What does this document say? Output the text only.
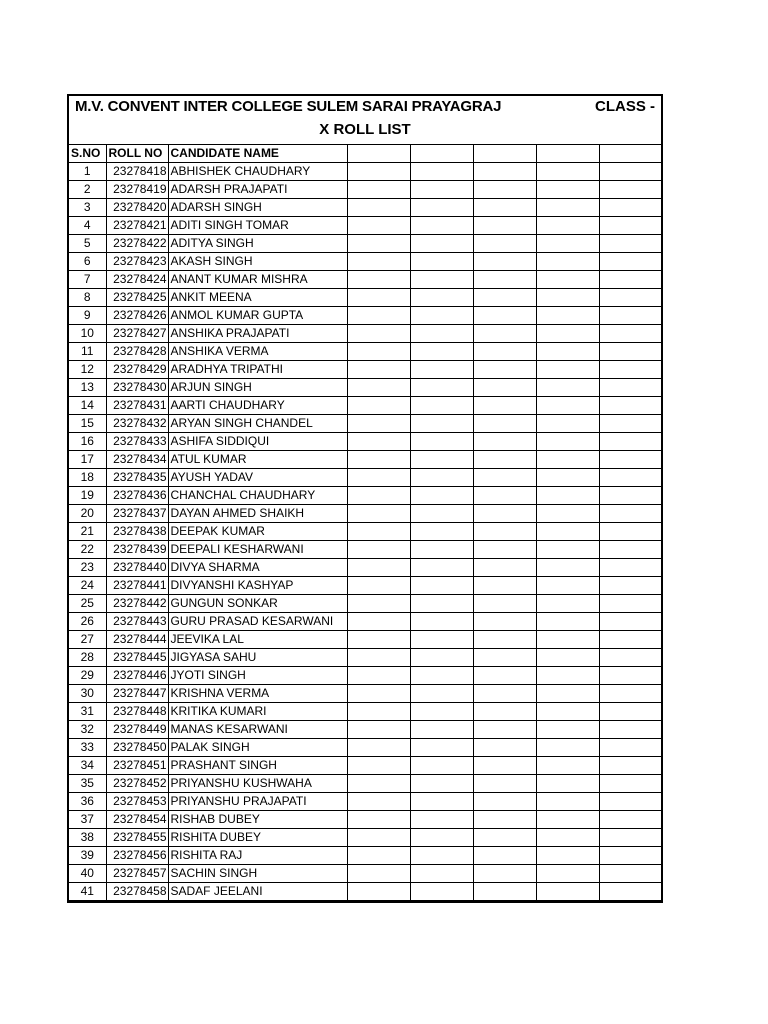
M.V. CONVENT INTER COLLEGE SULEM SARAI PRAYAGRAJ	CLASS -
X ROLL LIST
S.NO	ROLL NO	CANDIDATE NAME					
1	23278418	ABHISHEK CHAUDHARY					
2	23278419	ADARSH PRAJAPATI					
3	23278420	ADARSH SINGH					
4	23278421	ADITI SINGH TOMAR					
5	23278422	ADITYA SINGH					
6	23278423	AKASH SINGH					
7	23278424	ANANT KUMAR MISHRA					
8	23278425	ANKIT MEENA					
9	23278426	ANMOL KUMAR GUPTA					
10	23278427	ANSHIKA PRAJAPATI					
11	23278428	ANSHIKA VERMA					
12	23278429	ARADHYA TRIPATHI					
13	23278430	ARJUN SINGH					
14	23278431	AARTI CHAUDHARY					
15	23278432	ARYAN SINGH CHANDEL					
16	23278433	ASHIFA SIDDIQUI					
17	23278434	ATUL KUMAR					
18	23278435	AYUSH YADAV					
19	23278436	CHANCHAL CHAUDHARY					
20	23278437	DAYAN AHMED SHAIKH					
21	23278438	DEEPAK KUMAR					
22	23278439	DEEPALI KESHARWANI					
23	23278440	DIVYA SHARMA					
24	23278441	DIVYANSHI KASHYAP					
25	23278442	GUNGUN SONKAR					
26	23278443	GURU PRASAD KESARWANI					
27	23278444	JEEVIKA LAL					
28	23278445	JIGYASA SAHU					
29	23278446	JYOTI SINGH					
30	23278447	KRISHNA VERMA					
31	23278448	KRITIKA KUMARI					
32	23278449	MANAS KESARWANI					
33	23278450	PALAK SINGH					
34	23278451	PRASHANT SINGH					
35	23278452	PRIYANSHU KUSHWAHA					
36	23278453	PRIYANSHU PRAJAPATI					
37	23278454	RISHAB DUBEY					
38	23278455	RISHITA DUBEY					
39	23278456	RISHITA RAJ					
40	23278457	SACHIN SINGH					
41	23278458	SADAF JEELANI					
